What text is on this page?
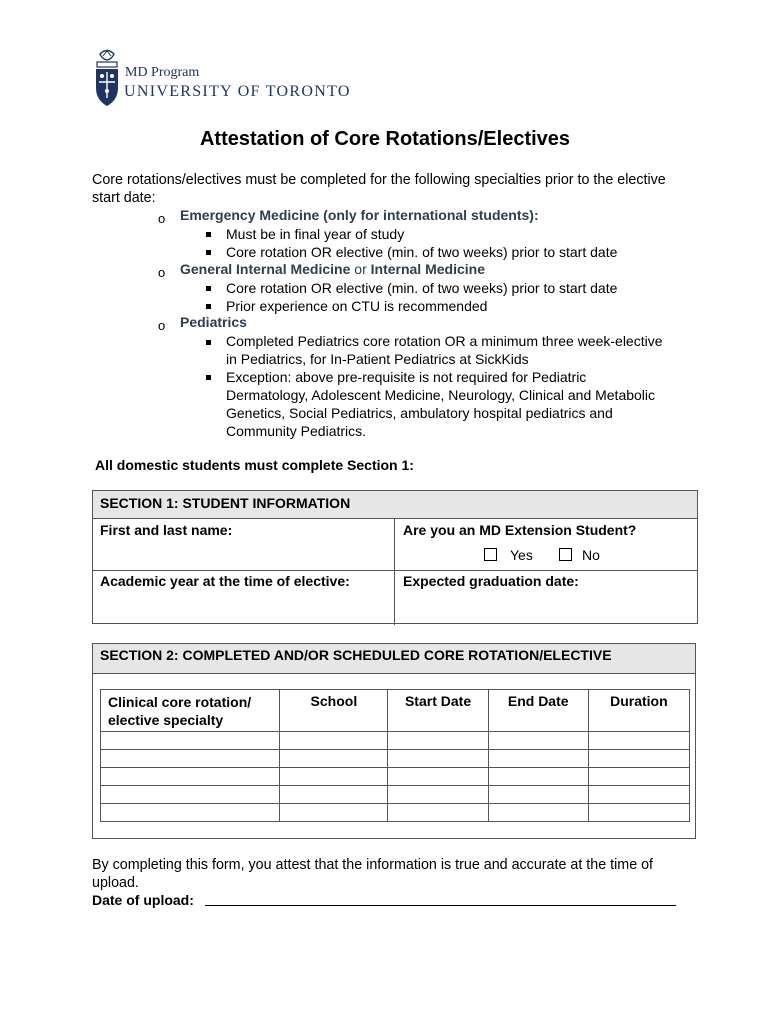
MD Program
UNIVERSITY OF TORONTO
Attestation of Core Rotations/Electives
Core rotations/electives must be completed for the following specialties prior to the elective start date:
o Emergency Medicine (only for international students):
Must be in final year of study
Core rotation OR elective (min. of two weeks) prior to start date
o General Internal Medicine or Internal Medicine
Core rotation OR elective (min. of two weeks) prior to start date
Prior experience on CTU is recommended
o Pediatrics
Completed Pediatrics core rotation OR a minimum three week-elective in Pediatrics, for In-Patient Pediatrics at SickKids
Exception: above pre-requisite is not required for Pediatric Dermatology, Adolescent Medicine, Neurology, Clinical and Metabolic Genetics, Social Pediatrics, ambulatory hospital pediatrics and Community Pediatrics.
All domestic students must complete Section 1:
SECTION 1: STUDENT INFORMATION
First and last name:	Are you an MD Extension Student?
Yes	No
Academic year at the time of elective:	Expected graduation date:
SECTION 2: COMPLETED AND/OR SCHEDULED CORE ROTATION/ELECTIVE
Clinical core rotation/ elective specialty	School	Start Date	End Date	Duration

By completing this form, you attest that the information is true and accurate at the time of upload.
Date of upload:
